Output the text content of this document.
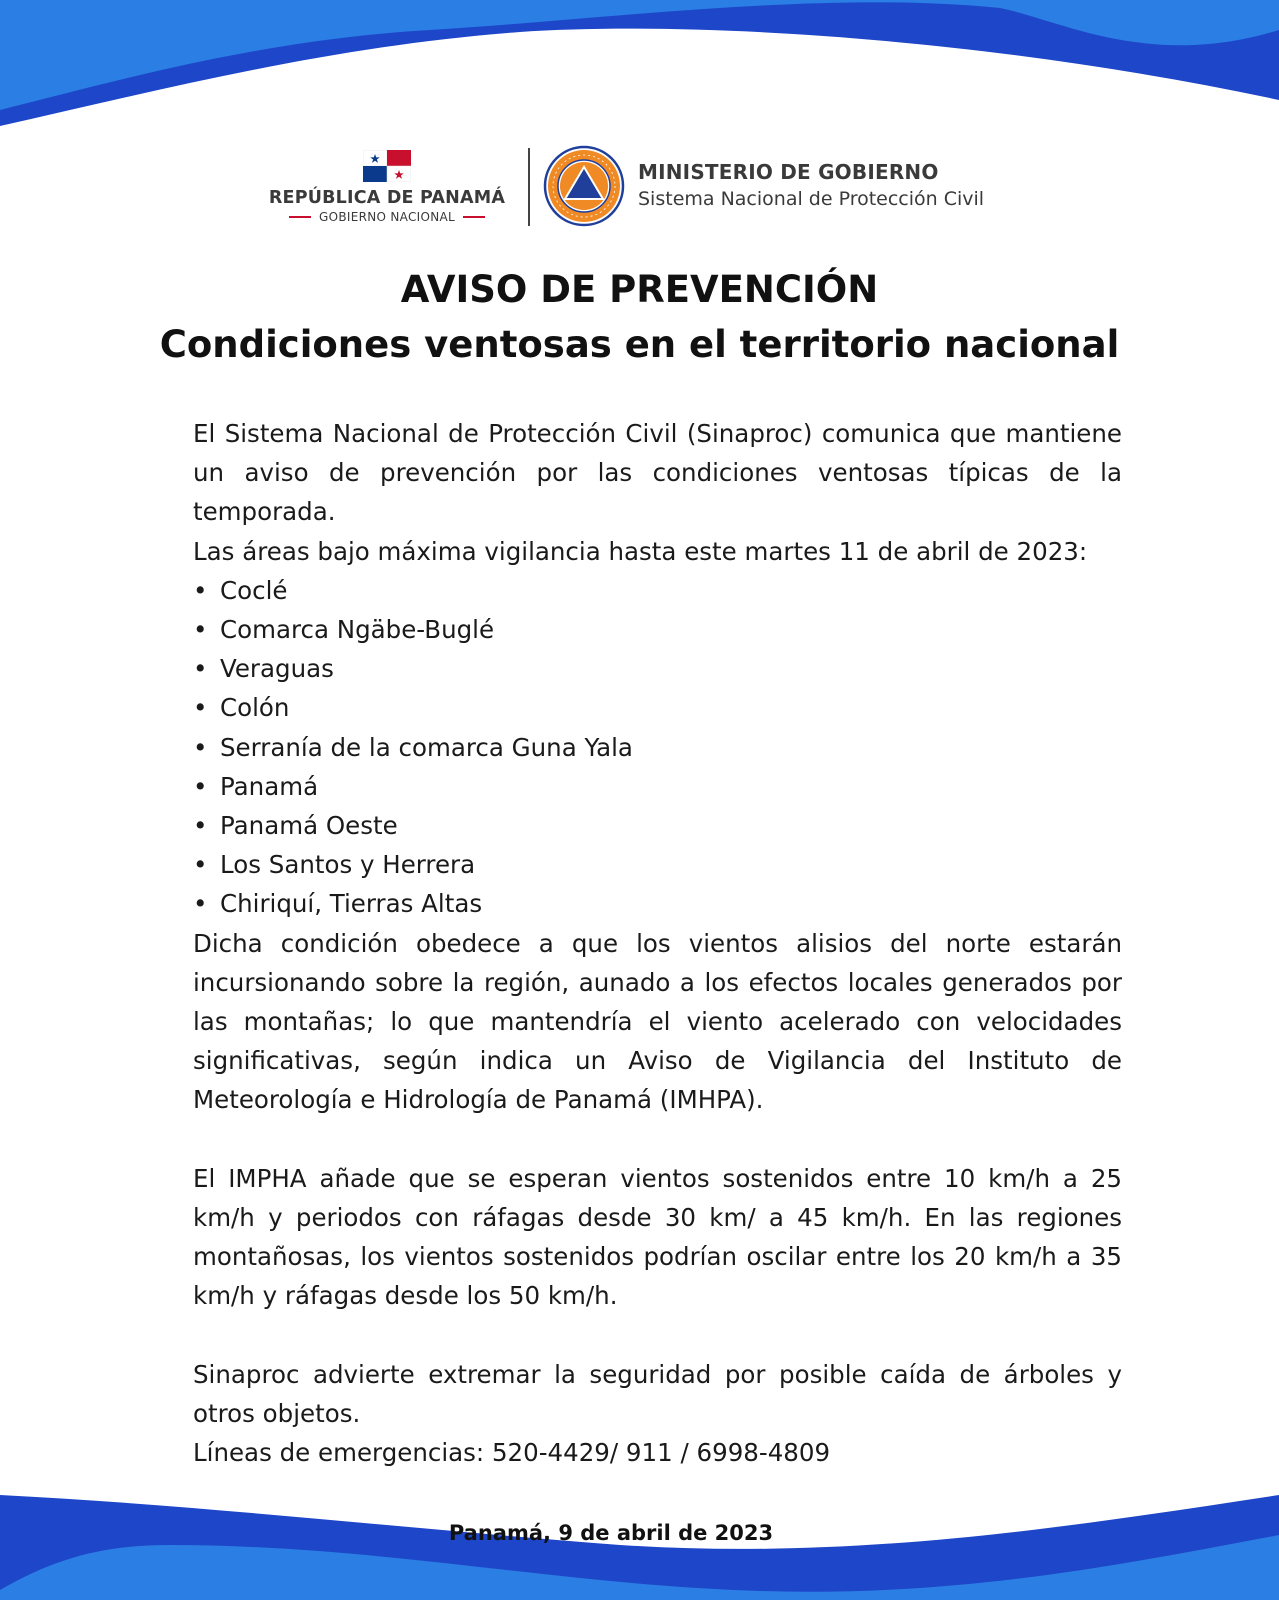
REPÚBLICA DE PANAMÁ
GOBIERNO NACIONAL
MINISTERIO DE GOBIERNO
Sistema Nacional de Protección Civil
AVISO DE PREVENCIÓN
Condiciones ventosas en el territorio nacional

El Sistema Nacional de Protección Civil (Sinaproc) comunica que mantiene un aviso de prevención por las condiciones ventosas típicas de la temporada.

Las áreas bajo máxima vigilancia hasta este martes 11 de abril de 2023:

• Coclé
• Comarca Ngäbe-Buglé
• Veraguas
• Colón
• Serranía de la comarca Guna Yala
• Panamá
• Panamá Oeste
• Los Santos y Herrera
• Chiriquí, Tierras Altas

Dicha condición obedece a que los vientos alisios del norte estarán incursionando sobre la región, aunado a los efectos locales generados por las montañas; lo que mantendría el viento acelerado con velocidades significativas, según indica un Aviso de Vigilancia del Instituto de Meteorología e Hidrología de Panamá (IMHPA).

El IMPHA añade que se esperan vientos sostenidos entre 10 km/h a 25 km/h y periodos con ráfagas desde 30 km/ a 45 km/h. En las regiones montañosas, los vientos sostenidos podrían oscilar entre los 20 km/h a 35 km/h y ráfagas desde los 50 km/h.

Sinaproc advierte extremar la seguridad por posible caída de árboles y otros objetos.

Líneas de emergencias: 520-4429/ 911 / 6998-4809

Panamá, 9 de abril de 2023
